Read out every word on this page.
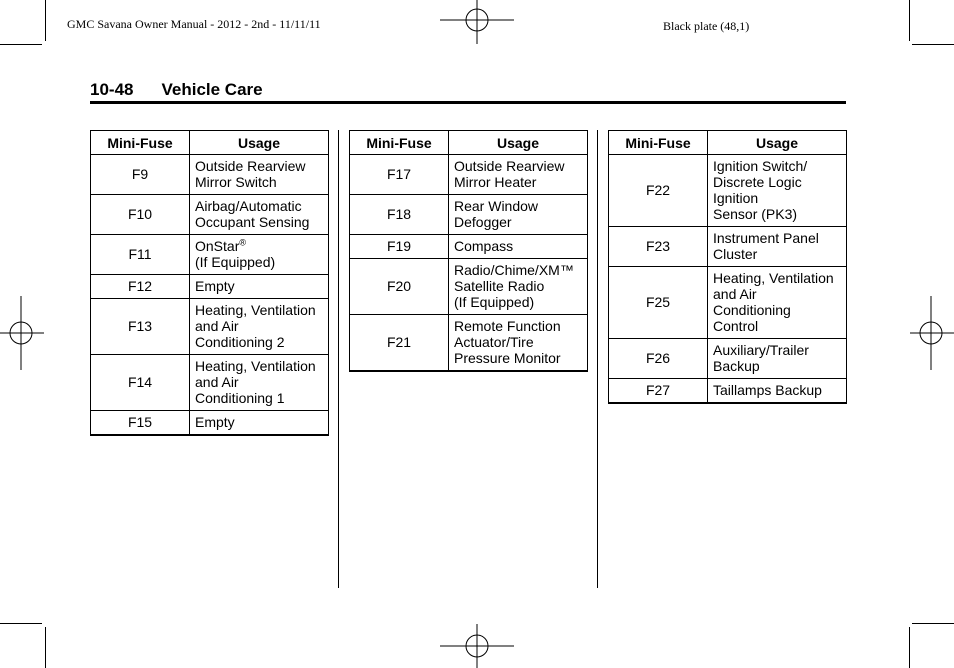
GMC Savana Owner Manual - 2012 - 2nd - 11/11/11	Black plate (48,1)
10-48 Vehicle Care
Mini-Fuse	Usage
F9	Outside Rearview
Mirror Switch
F10	Airbag/Automatic
Occupant Sensing
F11	OnStar®
(If Equipped)
F12	Empty
F13	Heating, Ventilation
and Air
Conditioning 2
F14	Heating, Ventilation
and Air
Conditioning 1
F15	Empty
Mini-Fuse	Usage
F17	Outside Rearview
Mirror Heater
F18	Rear Window
Defogger
F19	Compass
F20	Radio/Chime/XM™
Satellite Radio
(If Equipped)
F21	Remote Function
Actuator/Tire
Pressure Monitor
Mini-Fuse	Usage
F22	Ignition Switch/
Discrete Logic
Ignition
Sensor (PK3)
F23	Instrument Panel
Cluster
F25	Heating, Ventilation
and Air
Conditioning
Control
F26	Auxiliary/Trailer
Backup
F27	Taillamps Backup
